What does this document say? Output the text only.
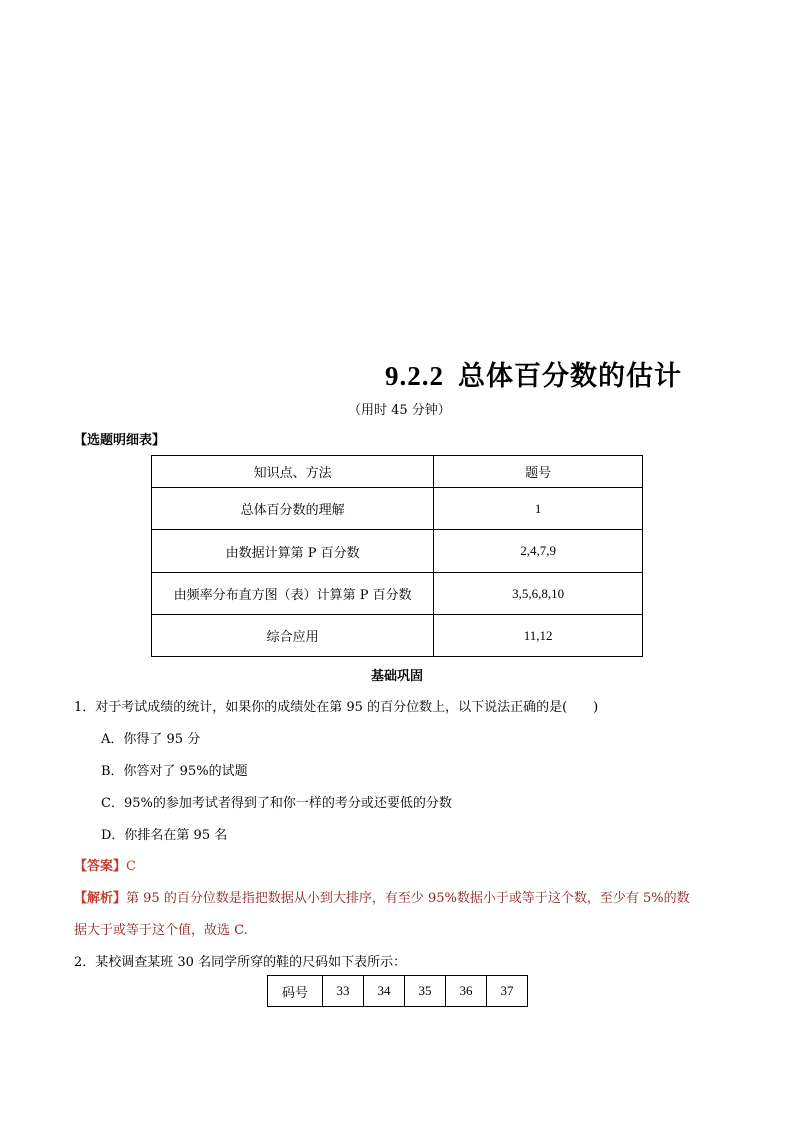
9.2.2 总体百分数的估计
（用时 45 分钟）
【选题明细表】
知识点、方法	题号
总体百分数的理解	1
由数据计算第 P 百分数	2,4,7,9
由频率分布直方图（表）计算第 P 百分数	3,5,6,8,10
综合应用	11,12
基础巩固
1．对于考试成绩的统计，如果你的成绩处在第 95 的百分位数上，以下说法正确的是(　　)
A．你得了 95 分
B．你答对了 95%的试题
C．95%的参加考试者得到了和你一样的考分或还要低的分数
D．你排名在第 95 名
【答案】C
【解析】第 95 的百分位数是指把数据从小到大排序，有至少 95%数据小于或等于这个数，至少有 5%的数
据大于或等于这个值，故选 C.
2．某校调查某班 30 名同学所穿的鞋的尺码如下表所示：
码号	33	34	35	36	37
